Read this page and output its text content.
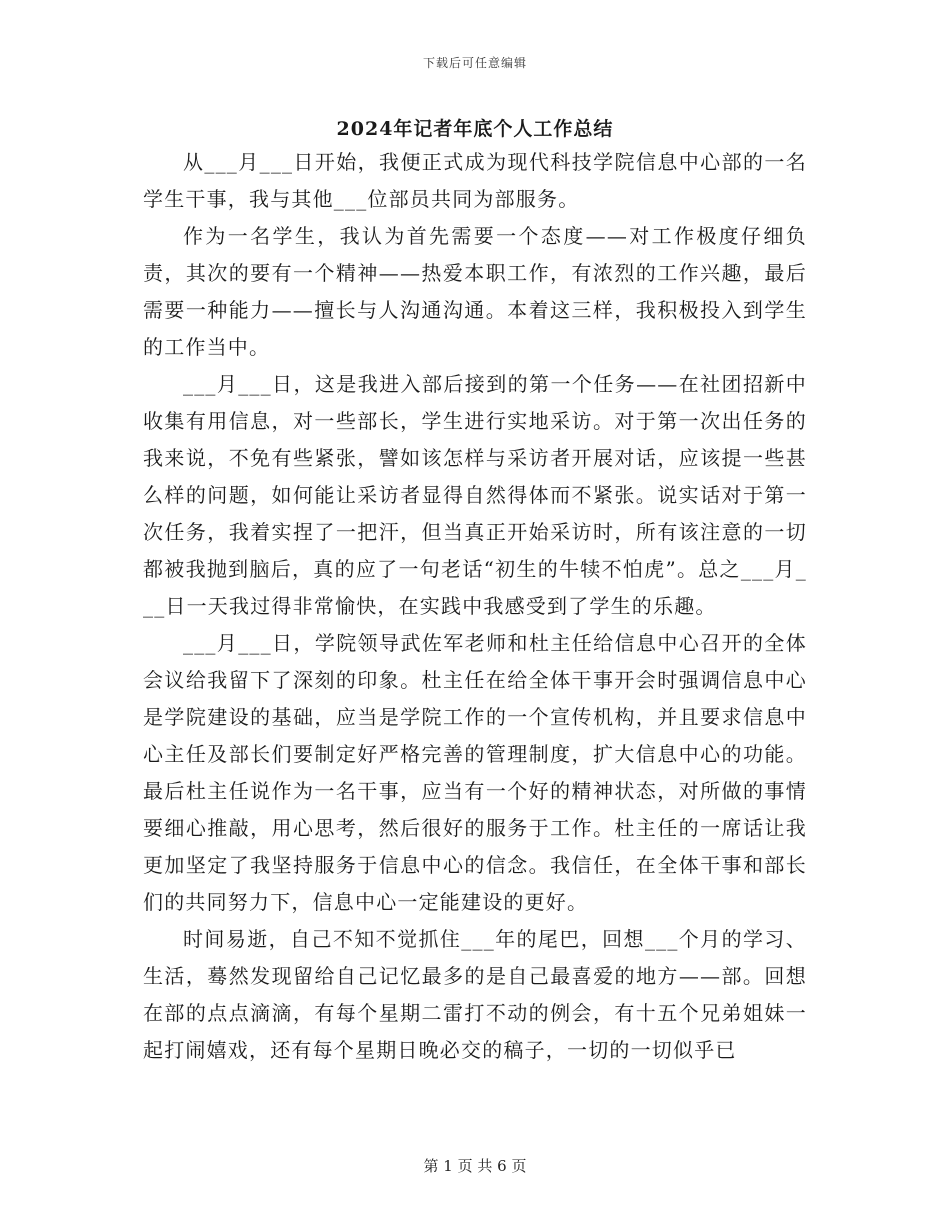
下载后可任意编辑
2024年记者年底个人工作总结

从___月___日开始，我便正式成为现代科技学院信息中心部的一名学生干事，我与其他___位部员共同为部服务。

作为一名学生，我认为首先需要一个态度——对工作极度仔细负责，其次的要有一个精神——热爱本职工作，有浓烈的工作兴趣，最后需要一种能力——擅长与人沟通沟通。本着这三样，我积极投入到学生的工作当中。

___月___日，这是我进入部后接到的第一个任务——在社团招新中收集有用信息，对一些部长，学生进行实地采访。对于第一次出任务的我来说，不免有些紧张，譬如该怎样与采访者开展对话，应该提一些甚么样的问题，如何能让采访者显得自然得体而不紧张。说实话对于第一次任务，我着实捏了一把汗，但当真正开始采访时，所有该注意的一切都被我抛到脑后，真的应了一句老话“初生的牛犊不怕虎”。总之___月___日一天我过得非常愉快，在实践中我感受到了学生的乐趣。

___月___日，学院领导武佐军老师和杜主任给信息中心召开的全体会议给我留下了深刻的印象。杜主任在给全体干事开会时强调信息中心是学院建设的基础，应当是学院工作的一个宣传机构，并且要求信息中心主任及部长们要制定好严格完善的管理制度，扩大信息中心的功能。最后杜主任说作为一名干事，应当有一个好的精神状态，对所做的事情要细心推敲，用心思考，然后很好的服务于工作。杜主任的一席话让我更加坚定了我坚持服务于信息中心的信念。我信任，在全体干事和部长们的共同努力下，信息中心一定能建设的更好。

时间易逝，自己不知不觉抓住___年的尾巴，回想___个月的学习、生活，蓦然发现留给自己记忆最多的是自己最喜爱的地方——部。回想在部的点点滴滴，有每个星期二雷打不动的例会，有十五个兄弟姐妹一起打闹嬉戏，还有每个星期日晚必交的稿子，一切的一切似乎已

第 1 页 共 6 页
